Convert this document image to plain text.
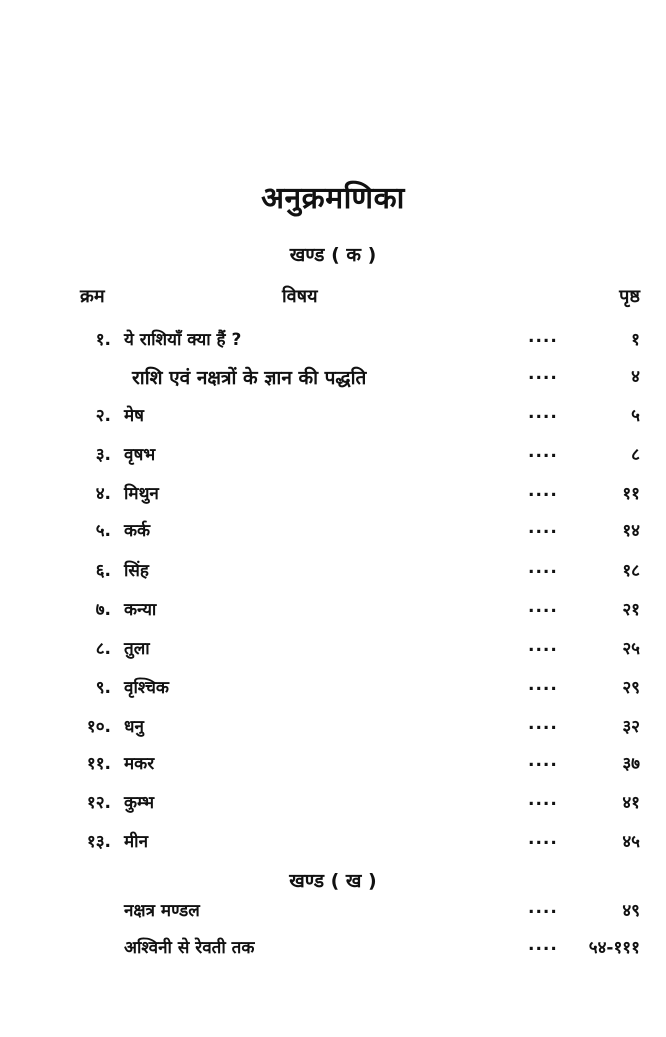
अनुक्रमणिका
खण्ड ( क )
क्रम	विषय	पृष्ठ
१. ये राशियाँ क्या हैं ?	....	१
राशि एवं नक्षत्रों के ज्ञान की पद्धति	....	४
२. मेष	....	५
३. वृषभ	....	८
४. मिथुन	....	११
५. कर्क	....	१४
६. सिंह	....	१८
७. कन्या	....	२१
८. तुला	....	२५
९. वृश्चिक	....	२९
१०. धनु	....	३२
११. मकर	....	३७
१२. कुम्भ	....	४१
१३. मीन	....	४५
खण्ड ( ख )
नक्षत्र मण्डल	....	४९
अश्विनी से रेवती तक	.... ५४-१११
